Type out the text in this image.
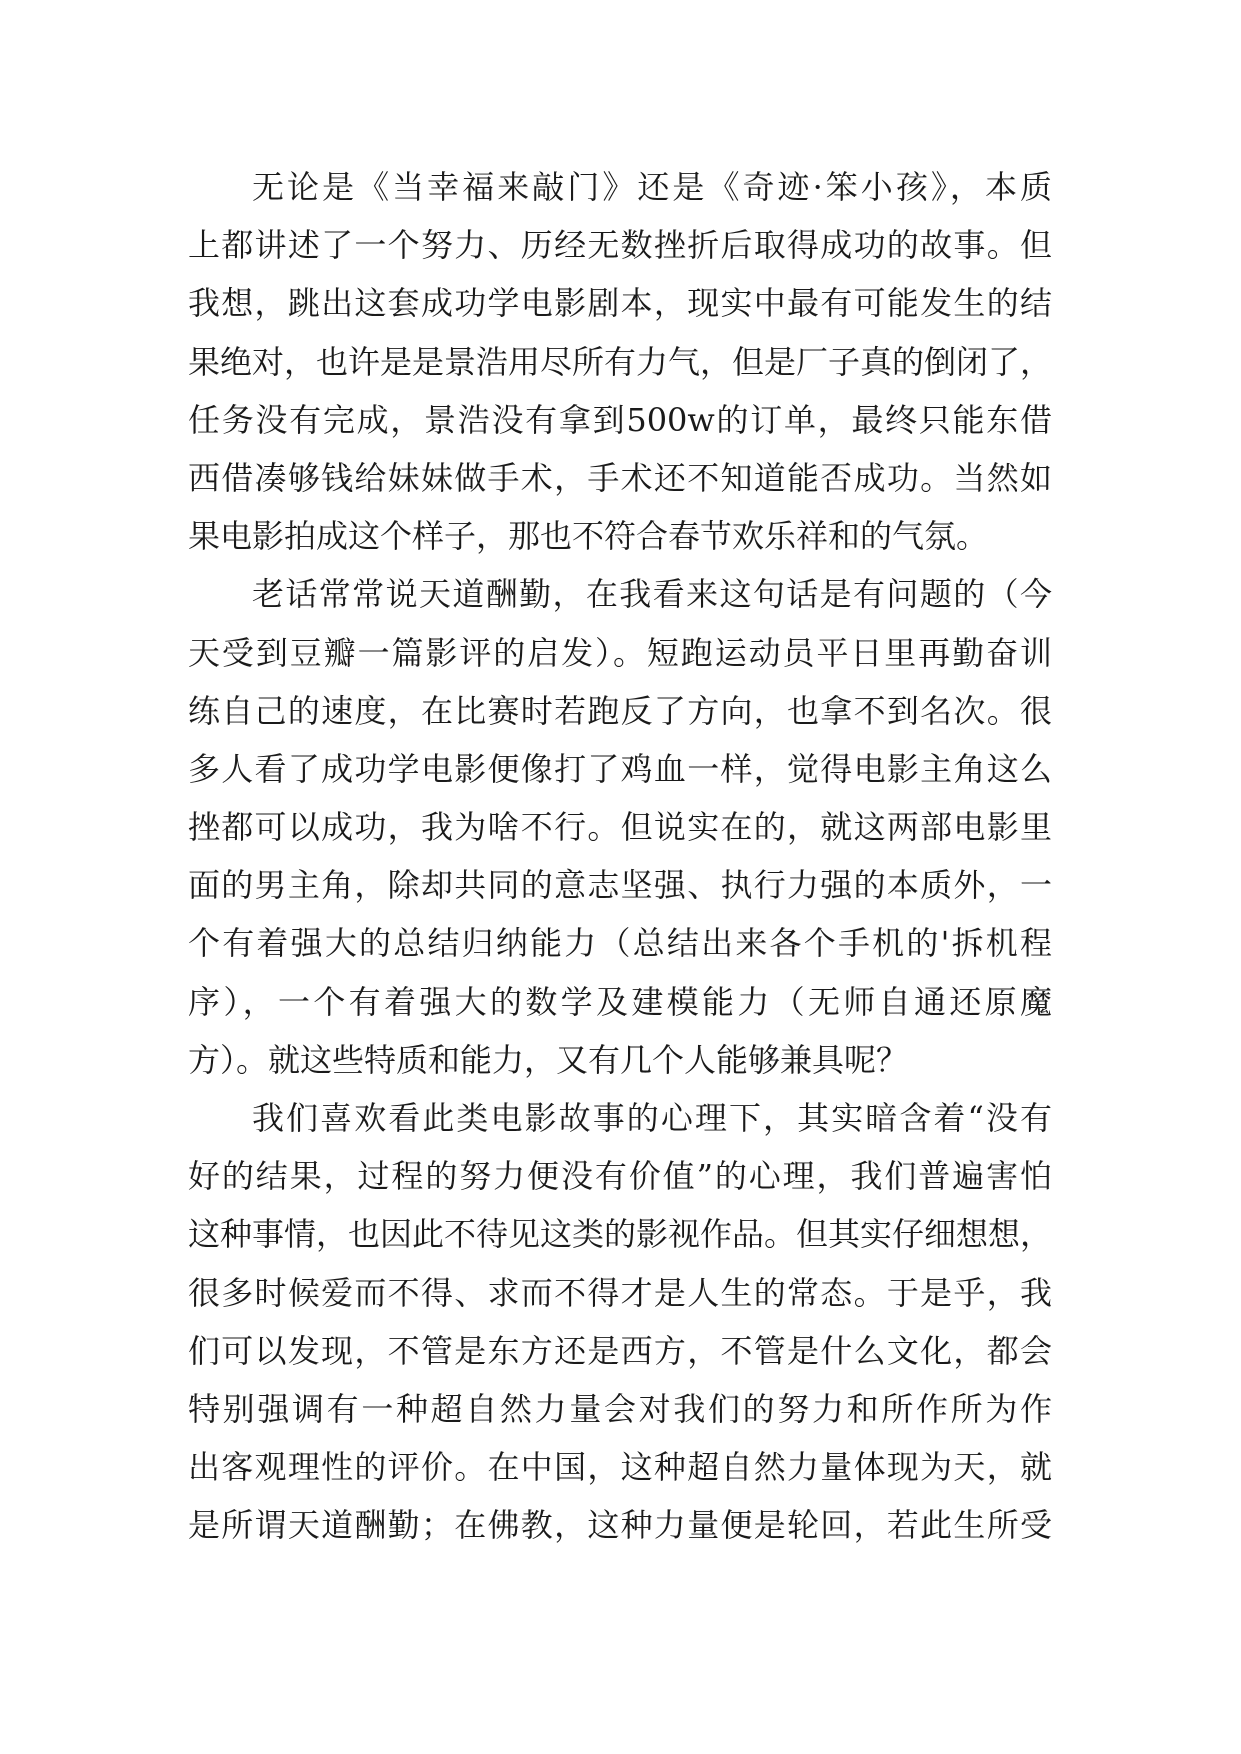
无论是《当幸福来敲门》还是《奇迹·笨小孩》，本质
上都讲述了一个努力、历经无数挫折后取得成功的故事。但
我想，跳出这套成功学电影剧本，现实中最有可能发生的结
果绝对，也许是是景浩用尽所有力气，但是厂子真的倒闭了，
任务没有完成，景浩没有拿到500w的订单，最终只能东借
西借凑够钱给妹妹做手术，手术还不知道能否成功。当然如
果电影拍成这个样子，那也不符合春节欢乐祥和的气氛。
老话常常说天道酬勤，在我看来这句话是有问题的（今
天受到豆瓣一篇影评的启发）。短跑运动员平日里再勤奋训
练自己的速度，在比赛时若跑反了方向，也拿不到名次。很
多人看了成功学电影便像打了鸡血一样，觉得电影主角这么
挫都可以成功，我为啥不行。但说实在的，就这两部电影里
面的男主角，除却共同的意志坚强、执行力强的本质外，一
个有着强大的总结归纳能力（总结出来各个手机的'拆机程
序），一个有着强大的数学及建模能力（无师自通还原魔
方）。就这些特质和能力，又有几个人能够兼具呢？
我们喜欢看此类电影故事的心理下，其实暗含着“没有
好的结果，过程的努力便没有价值”的心理，我们普遍害怕
这种事情，也因此不待见这类的影视作品。但其实仔细想想，
很多时候爱而不得、求而不得才是人生的常态。于是乎，我
们可以发现，不管是东方还是西方，不管是什么文化，都会
特别强调有一种超自然力量会对我们的努力和所作所为作
出客观理性的评价。在中国，这种超自然力量体现为天，就
是所谓天道酬勤；在佛教，这种力量便是轮回，若此生所受
